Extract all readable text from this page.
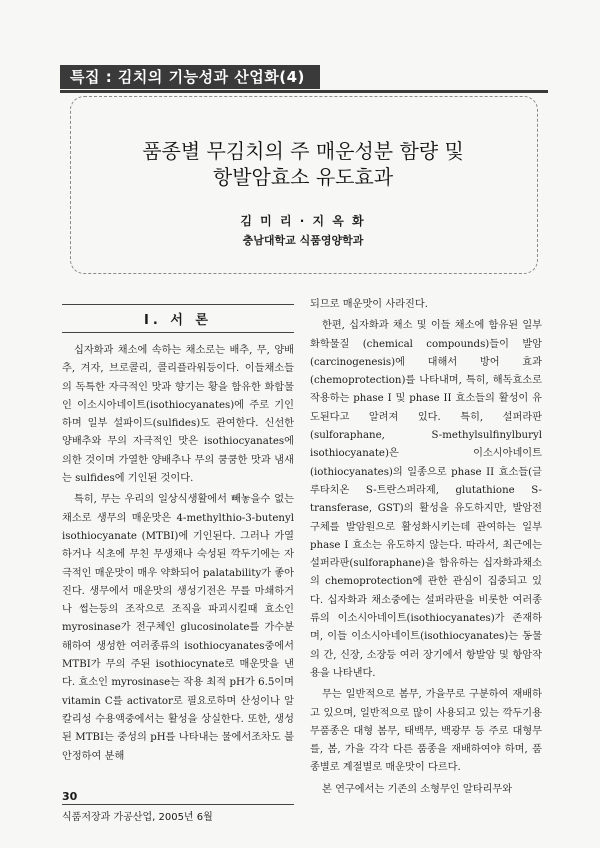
특집 : 김치의 기능성과 산업화(4)
품종별 무김치의 주 매운성분 함량 및
항발암효소 유도효과
김 미 리 · 지 옥 화
충남대학교 식품영양학과
I. 서 론

십자화과 채소에 속하는 채소로는 배추, 무, 양배추, 겨자, 브로콜리, 콜리플라워등이다. 이들채소들의 독특한 자극적인 맛과 향기는 황을 함유한 화합물인 이소시아네이트(isothiocyanates)에 주로 기인하며 일부 설파이드(sulfides)도 관여한다. 신선한 양배추와 무의 자극적인 맛은 isothiocyanates에 의한 것이며 가열한 양배추나 무의 쿰쿰한 맛과 냄새는 sulfides에 기인된 것이다.

특히, 무는 우리의 일상식생활에서 빼놓을수 없는 채소로 생무의 매운맛은 4-methylthio-3-butenyl isothiocyanate (MTBI)에 기인된다. 그러나 가열하거나 식초에 무친 무생채나 숙성된 깍두기에는 자극적인 매운맛이 매우 약화되어 palatability가 좋아진다. 생무에서 매운맛의 생성기전은 무를 마쇄하거나 썹는등의 조작으로 조직을 파괴시킬때 효소인 myrosinase가 전구체인 glucosinolate를 가수분해하여 생성한 여러종류의 isothiocyanates중에서 MTBI가 무의 주된 isothiocynate로 매운맛을 낸다. 효소인 myrosinase는 작용 최적 pH가 6.5이며 vitamin C를 activator로 필요로하며 산성이나 알칼리성 수용액중에서는 활성을 상실한다. 또한, 생성된 MTBI는 중성의 pH를 나타내는 물에서조차도 불안정하여 분해

되므로 매운맛이 사라진다.

한편, 십자화과 채소 및 이들 채소에 함유된 일부 화학물질 (chemical compounds)들이 발암(carcinogenesis)에 대해서 방어 효과(chemoprotection)를 나타내며, 특히, 해독효소로 작용하는 phase I 및 phase II 효소들의 활성이 유도된다고 알려져 있다. 특히, 설퍼라판(sulforaphane, S-methylsulfinylburyl isothiocyanate)은 이소시아네이트 (iothiocyanates)의 일종으로 phase II 효소들(글루타치온 S-트란스퍼라제, glutathione S-transferase, GST)의 활성을 유도하지만, 발암전구체를 발암원으로 활성화시키는데 관여하는 일부 phase I 효소는 유도하지 않는다. 따라서, 최근에는 설퍼라판(sulforaphane)을 함유하는 십자화과채소의 chemoprotection에 관한 관심이 집중되고 있다. 십자화과 채소중에는 설퍼라판을 비롯한 여러종류의 이소시아네이트(isothiocyanates)가 존재하며, 이들 이소시아네이트(isothiocyanates)는 동물의 간, 신장, 소장등 여러 장기에서 항발암 및 항암작용을 나타낸다.

무는 일반적으로 봄무, 가을무로 구분하여 재배하고 있으며, 일반적으로 많이 사용되고 있는 깍두기용 무품종은 대형 봄무, 태백무, 백광무 등 주로 대형무를, 봄, 가을 각각 다른 품종을 재배하여야 하며, 품종별로 계절별로 매운맛이 다르다.

본 연구에서는 기존의 소형무인 알타리무와

30
식품저장과 가공산업, 2005년 6월
